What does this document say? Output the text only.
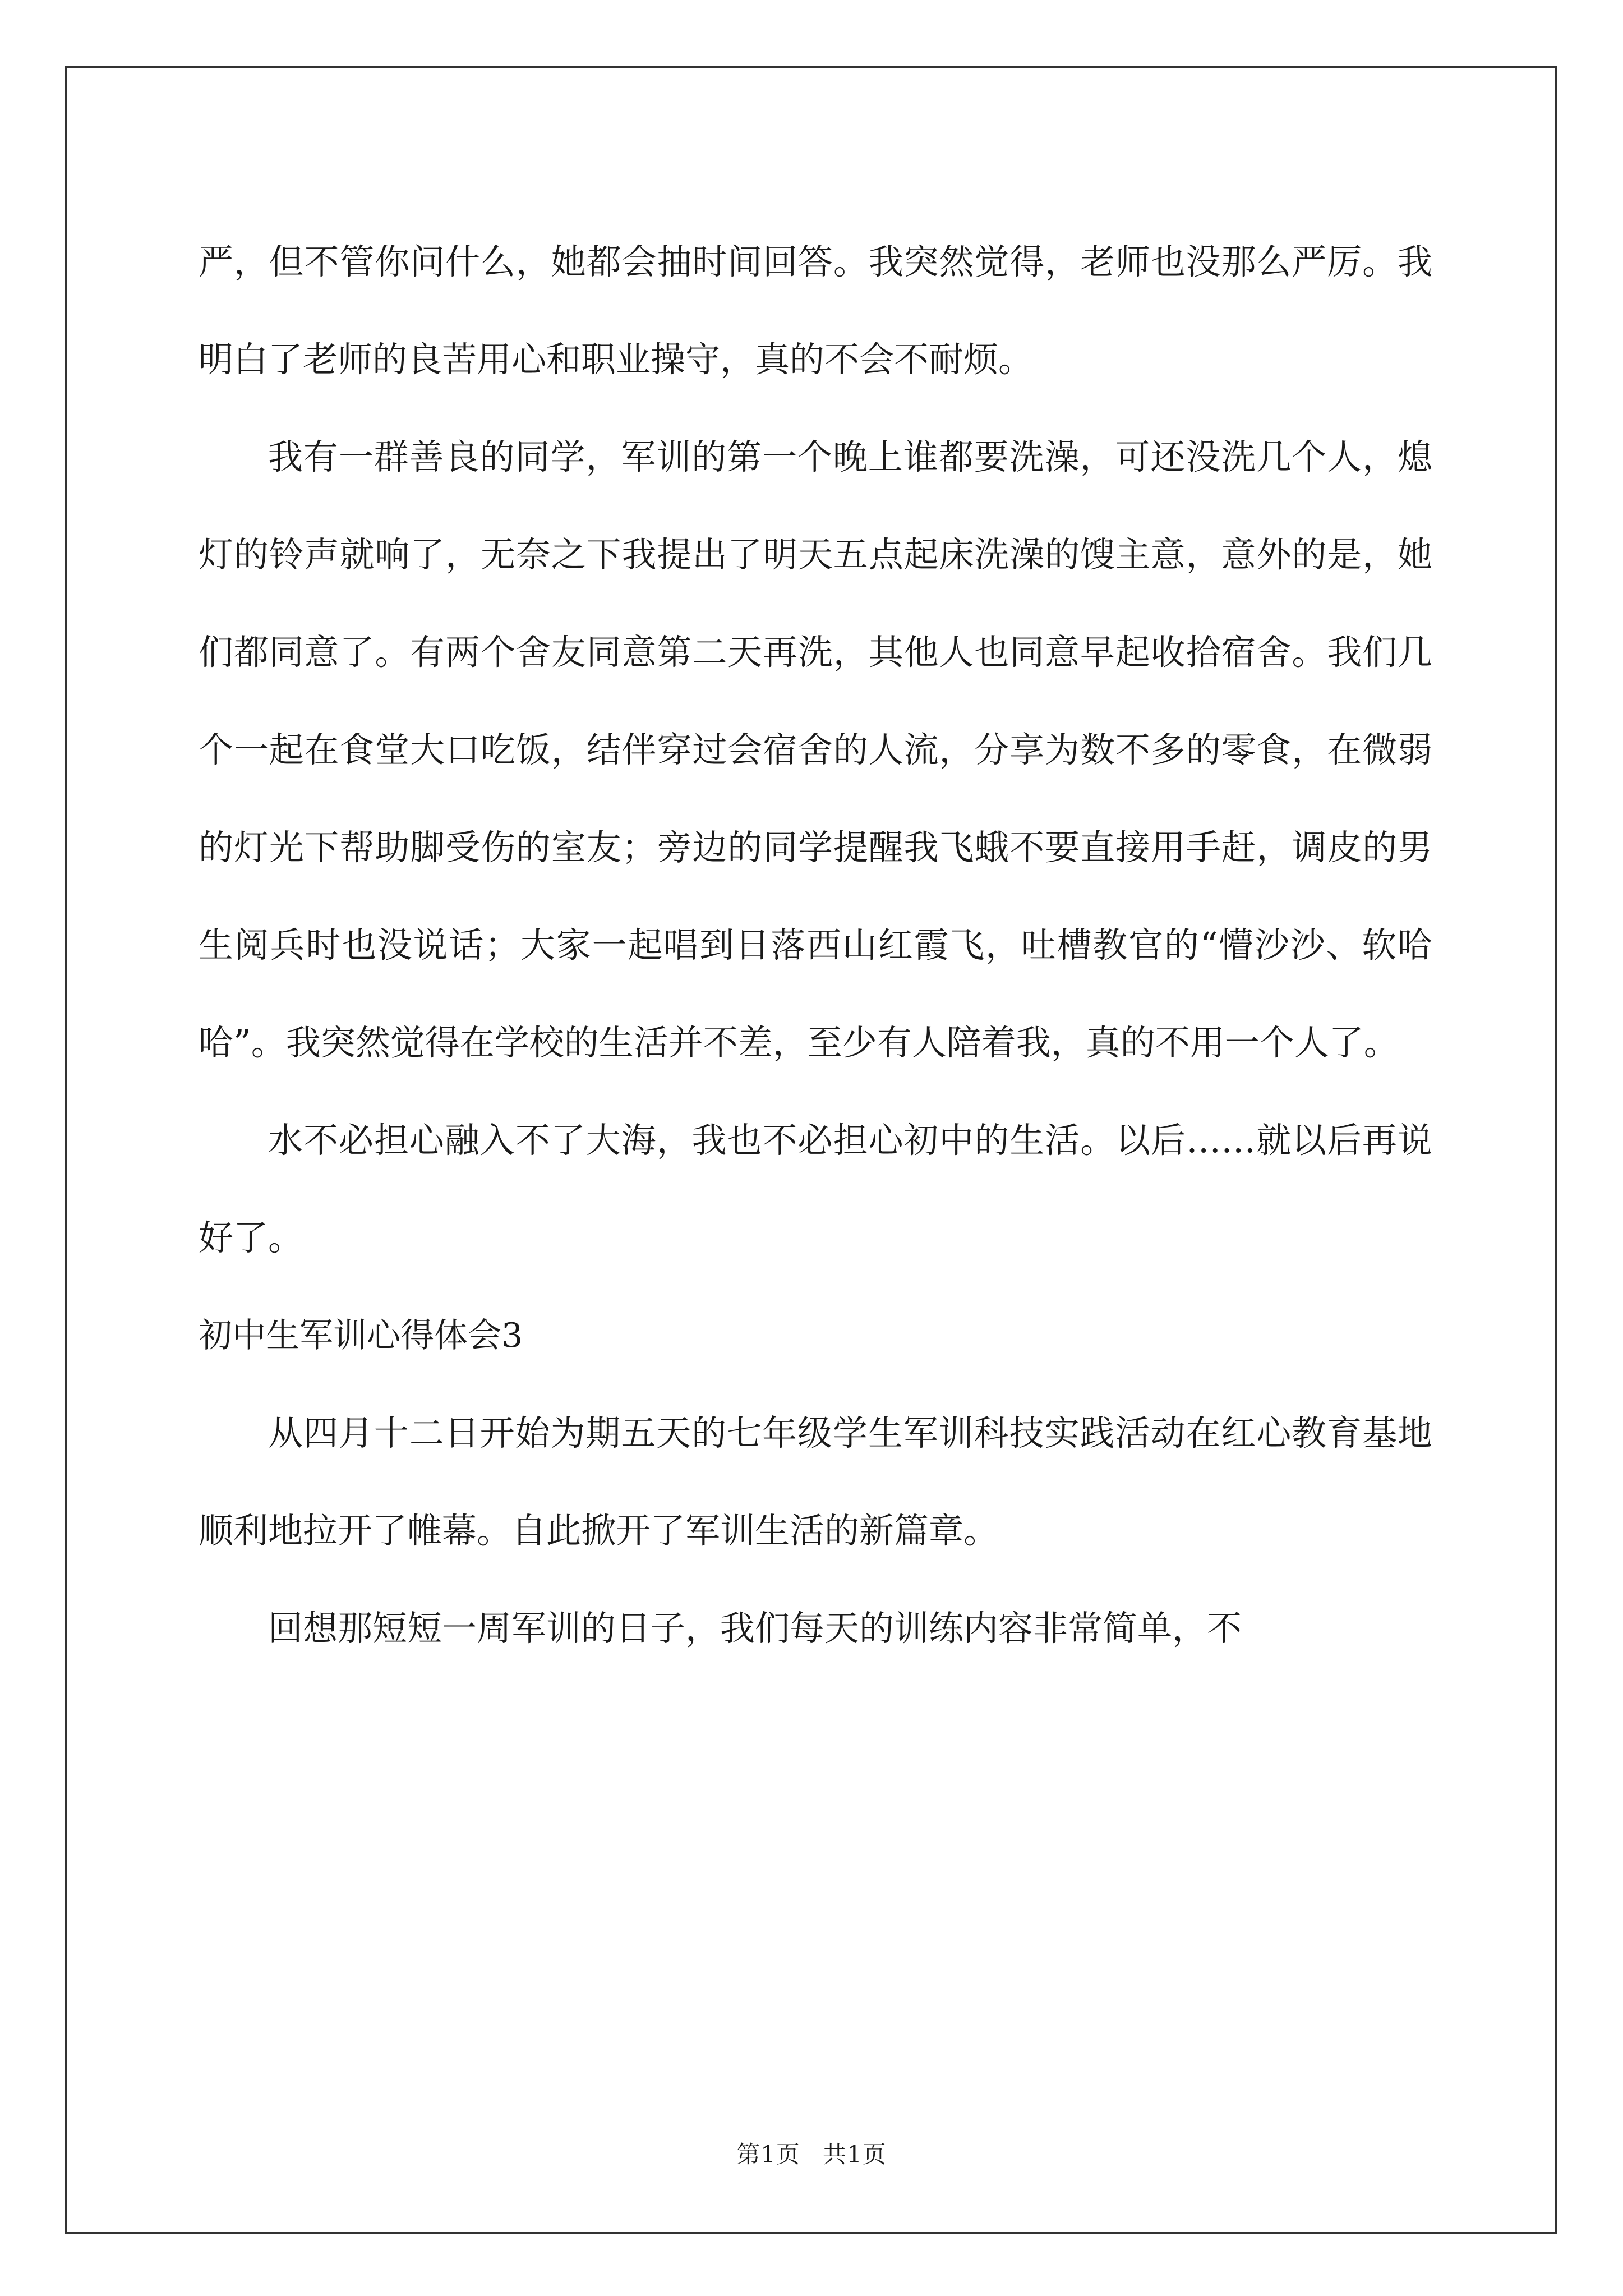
严，但不管你问什么，她都会抽时间回答。我突然觉得，老师也没那么严厉。我明白了老师的良苦用心和职业操守，真的不会不耐烦。

我有一群善良的同学，军训的第一个晚上谁都要洗澡，可还没洗几个人，熄灯的铃声就响了，无奈之下我提出了明天五点起床洗澡的馊主意，意外的是，她们都同意了。有两个舍友同意第二天再洗，其他人也同意早起收拾宿舍。我们几个一起在食堂大口吃饭，结伴穿过会宿舍的人流，分享为数不多的零食，在微弱的灯光下帮助脚受伤的室友；旁边的同学提醒我飞蛾不要直接用手赶，调皮的男生阅兵时也没说话；大家一起唱到日落西山红霞飞，吐槽教官的“懵沙沙、软哈哈”。我突然觉得在学校的生活并不差，至少有人陪着我，真的不用一个人了。

水不必担心融入不了大海，我也不必担心初中的生活。以后……就以后再说好了。

初中生军训心得体会3

从四月十二日开始为期五天的七年级学生军训科技实践活动在红心教育基地顺利地拉开了帷幕。自此掀开了军训生活的新篇章。

回想那短短一周军训的日子，我们每天的训练内容非常简单，不

第1页 共1页
